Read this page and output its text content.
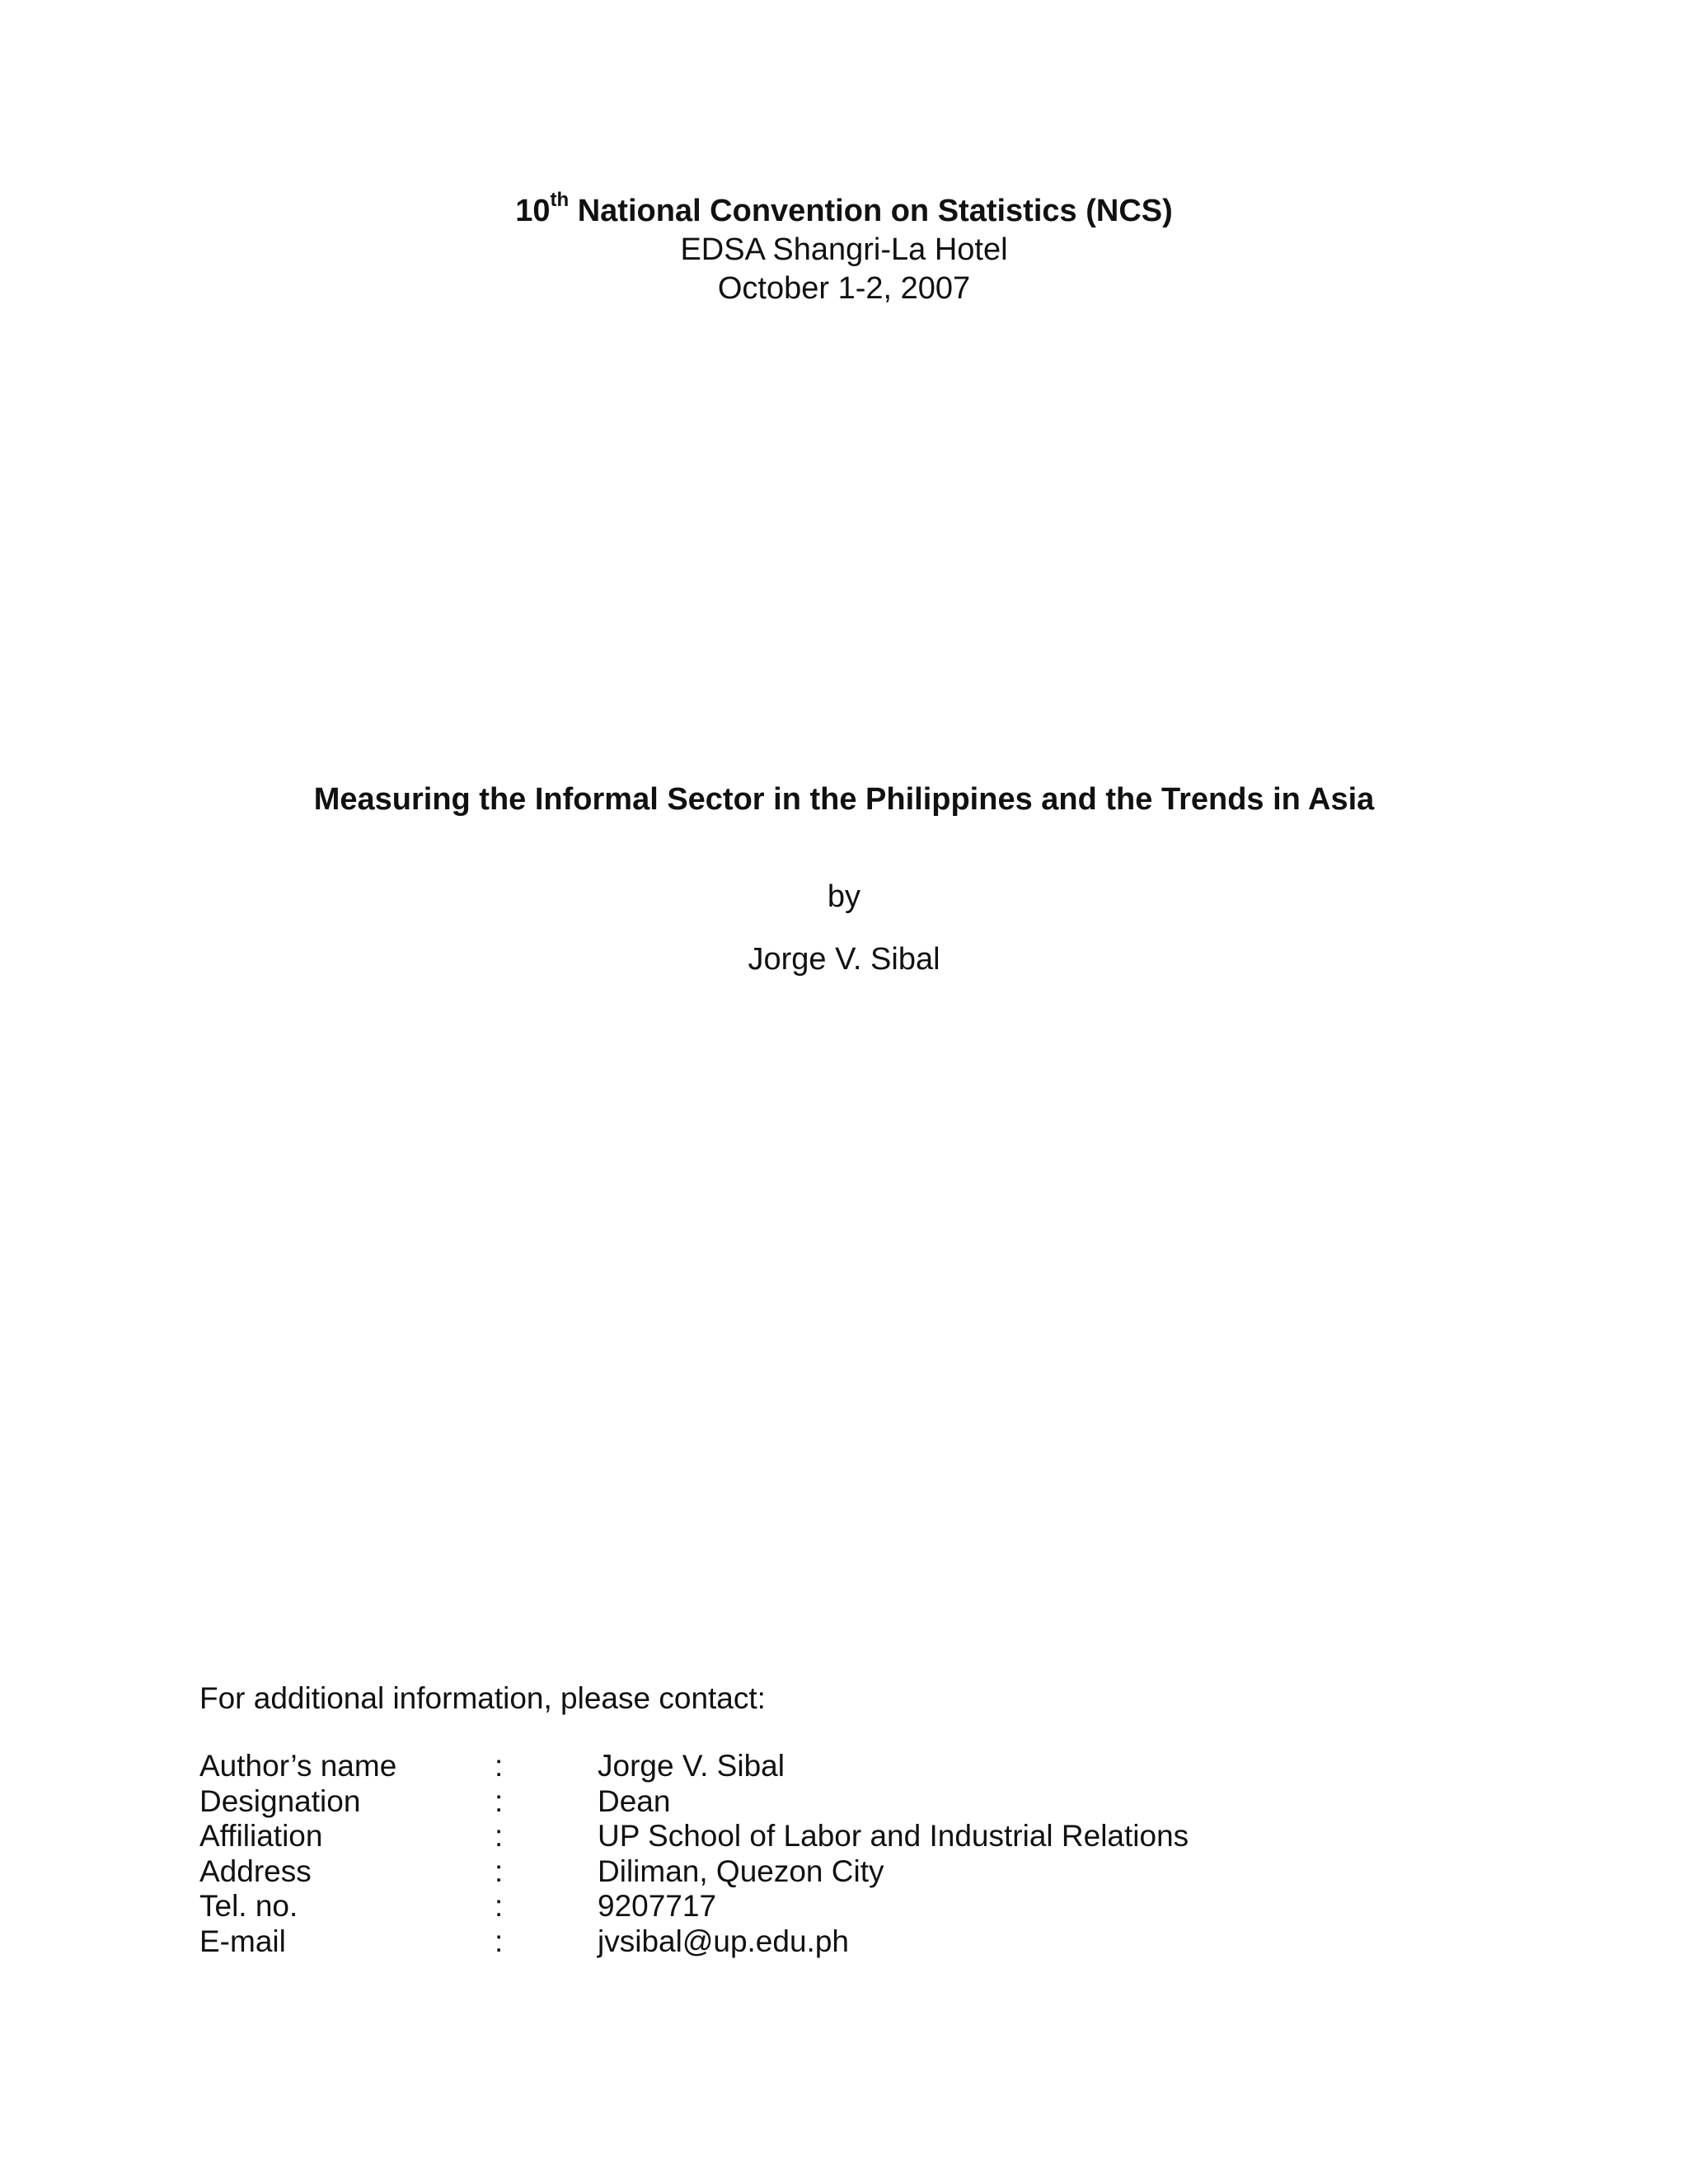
10th National Convention on Statistics (NCS)
EDSA Shangri-La Hotel
October 1-2, 2007
Measuring the Informal Sector in the Philippines and the Trends in Asia
by
Jorge V. Sibal
For additional information, please contact:
Author’s name	:	Jorge V. Sibal
Designation	:	Dean
Affiliation	:	UP School of Labor and Industrial Relations
Address	:	Diliman, Quezon City
Tel. no.	:	9207717
E-mail	:	jvsibal@up.edu.ph
